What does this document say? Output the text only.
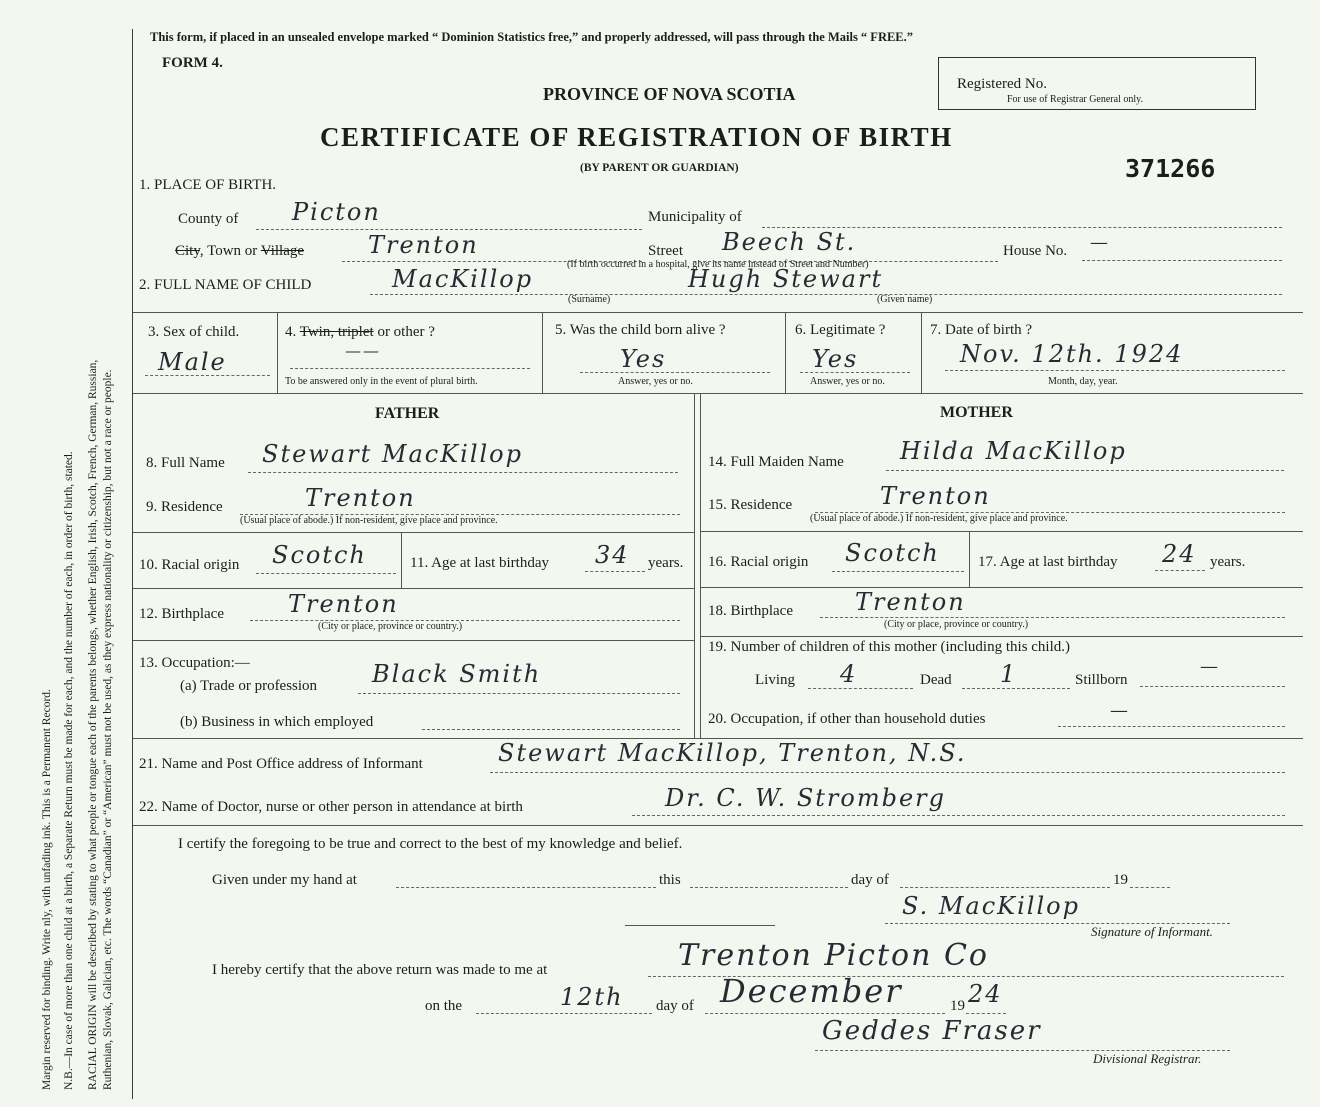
Margin reserved for binding. Write nly, with unfading ink. This is a Permanent Record. N.B.—In case of more than one child at a birth, a Separate Return must be made for each, and the number of each, in order of birth, stated. RACIAL ORIGIN will be described by stating to what people or tongue each of the parents belongs, whether English, Irish, Scotch, French, German, Russian, Ruthenian, Slovak, Galician, etc. The words “Canadian” or “American” must not be used, as they express nationality or citizenship, but not a race or people.
This form, if placed in an unsealed envelope marked “ Dominion Statistics free,” and properly addressed, will pass through the Mails “ FREE.”
FORM 4.
Registered No.
For use of Registrar General only.
PROVINCE OF NOVA SCOTIA
CERTIFICATE OF REGISTRATION OF BIRTH
(BY PARENT OR GUARDIAN)	371266
1. PLACE OF BIRTH.
County of Picton	Municipality of
City, Town or Village	Trenton	Street Beech St.	House No. —
(If birth occurred in a hospital, give its name instead of Street and Number)
2. FULL NAME OF CHILD	MacKillop	Hugh Stewart
(Surname)	(Given name)
3. Sex of child.
Male
4. Twin, triplet or other ?
——
To be answered only in the event of plural birth.
5. Was the child born alive ?
Yes
Answer, yes or no.
6. Legitimate ?
Yes
Answer, yes or no.
7. Date of birth ?
Nov. 12th. 1924
Month, day, year.
FATHER	MOTHER
8. Full Name Stewart MacKillop
9. Residence	Trenton
(Usual place of abode.) If non-resident, give place and province.
10. Racial origin Scotch	11. Age at last birthday 34 years.
12. Birthplace	Trenton
(City or place, province or country.)
13. Occupation:—
(a) Trade or profession Black Smith
(b) Business in which employed
14. Full Maiden Name Hilda MacKillop
15. Residence	Trenton
(Usual place of abode.) If non-resident, give place and province.
16. Racial origin Scotch	17. Age at last birthday 24 years.
18. Birthplace	Trenton
(City or place, province or country.)
19. Number of children of this mother (including this child.)
Living 4	Dead 1	Stillborn
—
20. Occupation, if other than household duties	—
21. Name and Post Office address of Informant	Stewart MacKillop, Trenton, N.S.
22. Name of Doctor, nurse or other person in attendance at birth	Dr. C. W. Stromberg
I certify the foregoing to be true and correct to the best of my knowledge and belief.
Given under my hand at	this	day of	19
S. MacKillop
Signature of Informant.
I hereby certify that the above return was made to me at	Trenton Picton Co
on the	12th day of December	19 24
Geddes Fraser
Divisional Registrar.
